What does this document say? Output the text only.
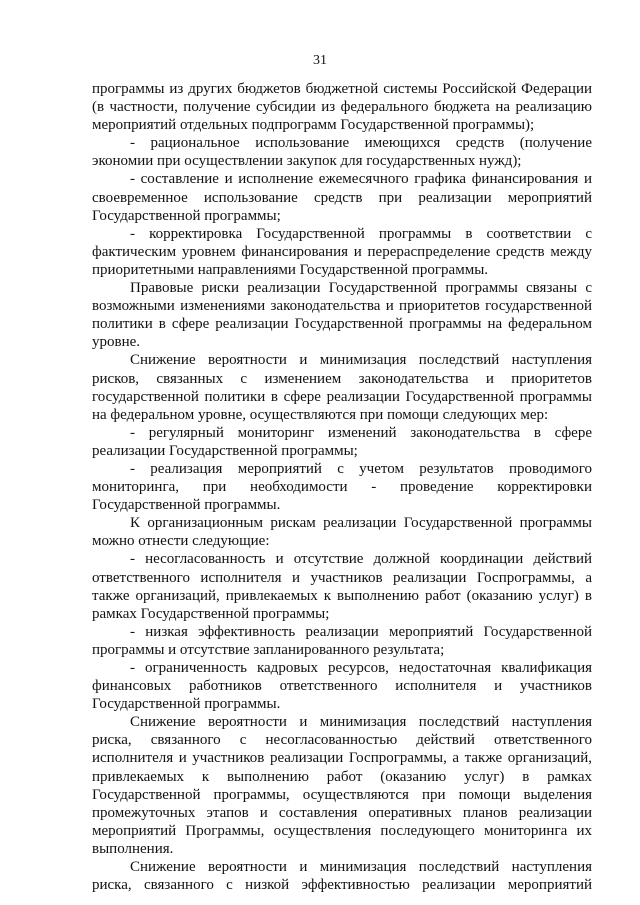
31

программы из других бюджетов бюджетной системы Российской Федерации (в частности, получение субсидии из федерального бюджета на реализацию мероприятий отдельных подпрограмм Государственной программы);

- рациональное использование имеющихся средств (получение экономии при осуществлении закупок для государственных нужд);

- составление и исполнение ежемесячного графика финансирования и своевременное использование средств при реализации мероприятий Государственной программы;

- корректировка Государственной программы в соответствии с фактическим уровнем финансирования и перераспределение средств между приоритетными направлениями Государственной программы.

Правовые риски реализации Государственной программы связаны с возможными изменениями законодательства и приоритетов государственной политики в сфере реализации Государственной программы на федеральном уровне.

Снижение вероятности и минимизация последствий наступления рисков, связанных с изменением законодательства и приоритетов государственной политики в сфере реализации Государственной программы на федеральном уровне, осуществляются при помощи следующих мер:

- регулярный мониторинг изменений законодательства в сфере реализации Государственной программы;

- реализация мероприятий с учетом результатов проводимого мониторинга, при необходимости - проведение корректировки Государственной программы.

К организационным рискам реализации Государственной программы можно отнести следующие:

- несогласованность и отсутствие должной координации действий ответственного исполнителя и участников реализации Госпрограммы, а также организаций, привлекаемых к выполнению работ (оказанию услуг) в рамках Государственной программы;

- низкая эффективность реализации мероприятий Государственной программы и отсутствие запланированного результата;

- ограниченность кадровых ресурсов, недостаточная квалификация финансовых работников ответственного исполнителя и участников Государственной программы.

Снижение вероятности и минимизация последствий наступления риска, связанного с несогласованностью действий ответственного исполнителя и участников реализации Госпрограммы, а также организаций, привлекаемых к выполнению работ (оказанию услуг) в рамках Государственной программы, осуществляются при помощи выделения промежуточных этапов и составления оперативных планов реализации мероприятий Программы, осуществления последующего мониторинга их выполнения.

Снижение вероятности и минимизация последствий наступления риска, связанного с низкой эффективностью реализации мероприятий
